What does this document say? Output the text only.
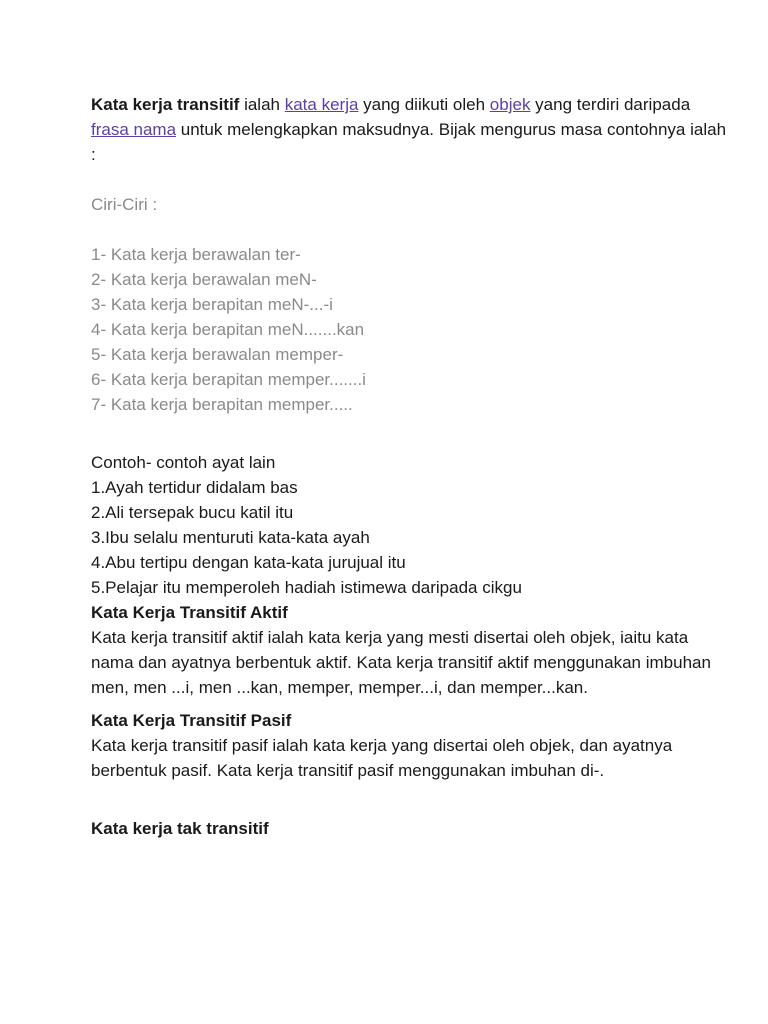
Kata kerja transitif ialah kata kerja yang diikuti oleh objek yang terdiri daripada frasa nama untuk melengkapkan maksudnya. Bijak mengurus masa contohnya ialah :

Ciri-Ciri :

1- Kata kerja berawalan ter-
2- Kata kerja berawalan meN-
3- Kata kerja berapitan meN-...-i
4- Kata kerja berapitan meN.......kan
5- Kata kerja berawalan memper-
6- Kata kerja berapitan memper.......i
7- Kata kerja berapitan memper.....

Contoh- contoh ayat lain

1.Ayah tertidur didalam bas
2.Ali tersepak bucu katil itu
3.Ibu selalu menturuti kata-kata ayah
4.Abu tertipu dengan kata-kata jurujual itu
5.Pelajar itu memperoleh hadiah istimewa daripada cikgu

Kata Kerja Transitif Aktif

Kata kerja transitif aktif ialah kata kerja yang mesti disertai oleh objek, iaitu kata nama dan ayatnya berbentuk aktif. Kata kerja transitif aktif menggunakan imbuhan men, men ...i, men ...kan, memper, memper...i, dan memper...kan.

Kata Kerja Transitif Pasif

Kata kerja transitif pasif ialah kata kerja yang disertai oleh objek, dan ayatnya berbentuk pasif. Kata kerja transitif pasif menggunakan imbuhan di-.

Kata kerja tak transitif
